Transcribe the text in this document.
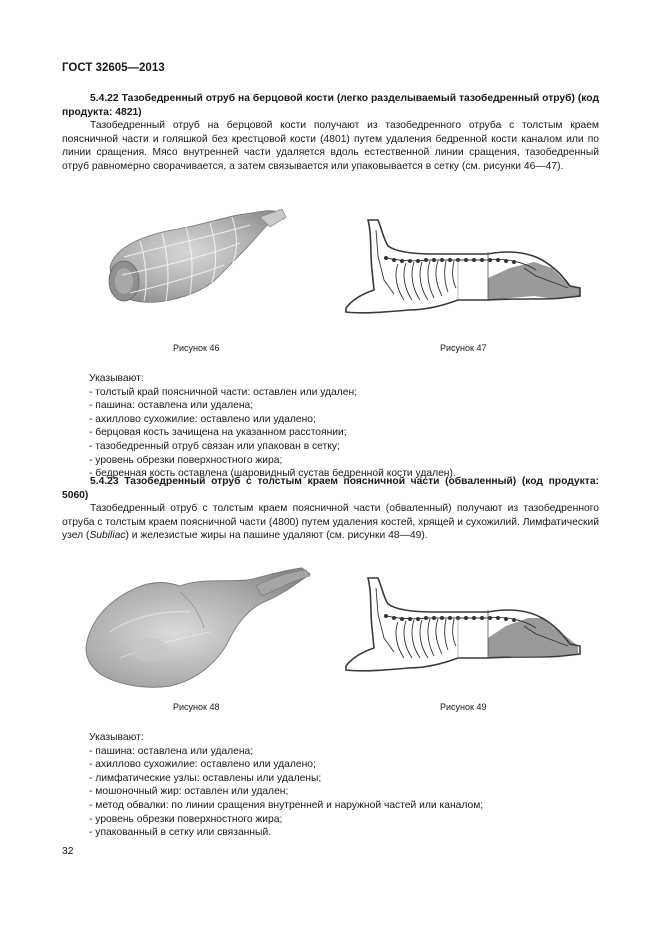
ГОСТ 32605—2013
5.4.22 Тазобедренный отруб на берцовой кости (легко разделываемый тазобедренный отруб) (код продукта: 4821)
Тазобедренный отруб на берцовой кости получают из тазобедренного отруба с толстым краем поясничной части и голяшкой без крестцовой кости (4801) путем удаления бедренной кости каналом или по линии сращения. Мясо внутренней части удаляется вдоль естественной линии сращения, тазобедренный отруб равномерно сворачивается, а затем связывается или упаковывается в сетку (см. рисунки 46—47).
Рисунок 46	Рисунок 47
Указывают:
- толстый край поясничной части: оставлен или удален;
- пашина: оставлена или удалена;
- ахиллово сухожилие: оставлено или удалено;
- берцовая кость зачищена на указанном расстоянии;
- тазобедренный отруб связан или упакован в сетку;
- уровень обрезки поверхностного жира;
- бедренная кость оставлена (шаровидный сустав бедренной кости удален).
5.4.23 Тазобедренный отруб с толстым краем поясничной части (обваленный) (код продукта: 5060)
Тазобедренный отруб с толстым краем поясничной части (обваленный) получают из тазобедренного отруба с толстым краем поясничной части (4800) путем удаления костей, хрящей и сухожилий. Лимфатический узел (Subiliac) и железистые жиры на пашине удаляют (см. рисунки 48—49).
Рисунок 48	Рисунок 49
Указывают:
- пашина: оставлена или удалена;
- ахиллово сухожилие: оставлено или удалено;
- лимфатические узлы: оставлены или удалены;
- мошоночный жир: оставлен или удален;
- метод обвалки: по линии сращения внутренней и наружной частей или каналом;
- уровень обрезки поверхностного жира;
- упакованный в сетку или связанный.
32
